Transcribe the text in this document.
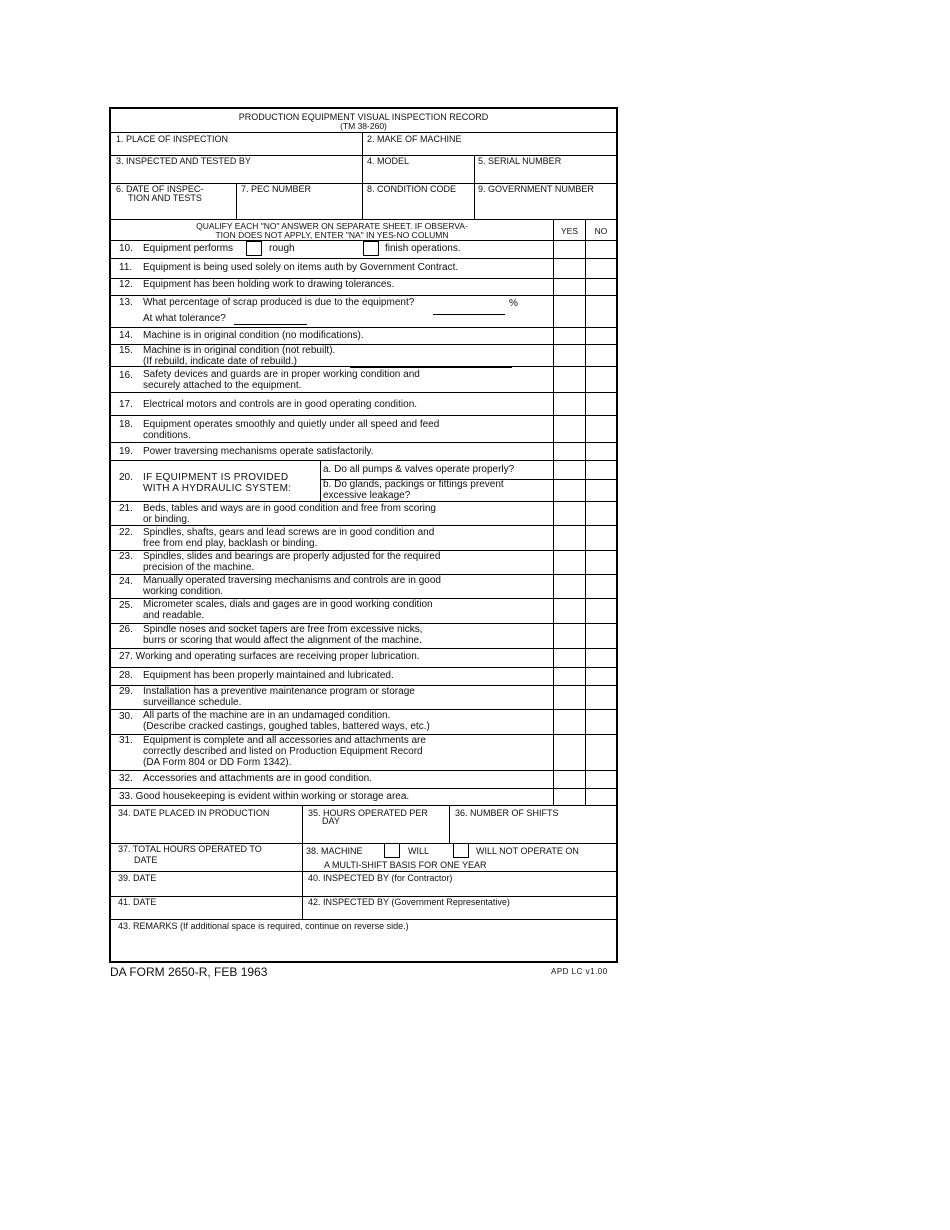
PRODUCTION EQUIPMENT VISUAL INSPECTION RECORD
(TM 38-260)
1. PLACE OF INSPECTION	2. MAKE OF MACHINE
3. INSPECTED AND TESTED BY	4. MODEL	5. SERIAL NUMBER
6. DATE OF INSPEC-
TION AND TESTS
7. PEC NUMBER	8. CONDITION CODE 9. GOVERNMENT NUMBER
QUALIFY EACH "NO" ANSWER ON SEPARATE SHEET. IF OBSERVA-
TION DOES NOT APPLY, ENTER "NA" IN YES-NO COLUMN	YES	NO
10. Equipment performs	rough	finish operations.
11. Equipment is being used solely on items auth by Government Contract.
12. Equipment has been holding work to drawing tolerances.
13. What percentage of scrap produced is due to the equipment?	%
At what tolerance?
14. Machine is in original condition (no modifications).
15. Machine is in original condition (not rebuilt).
(If rebuild, indicate date of rebuild.)
16. Safety devices and guards are in proper working condition and
securely attached to the equipment.
17. Electrical motors and controls are in good operating condition.
18. Equipment operates smoothly and quietly under all speed and feed
conditions.
19. Power traversing mechanisms operate satisfactorily.
20. IF EQUIPMENT IS PROVIDED
WITH A HYDRAULIC SYSTEM:
a. Do all pumps & valves operate properly?
b. Do glands, packings or fittings prevent
excessive leakage?
21. Beds, tables and ways are in good condition and free from scoring
or binding.
22. Spindles, shafts, gears and lead screws are in good condition and
free from end play, backlash or binding.
23. Spindles, slides and bearings are properly adjusted for the required
precision of the machine.
24. Manually operated traversing mechanisms and controls are in good
working condition.
25. Micrometer scales, dials and gages are in good working condition
and readable.
26. Spindle noses and socket tapers are free from excessive nicks,
burrs or scoring that would affect the alignment of the machine.
27. Working and operating surfaces are receiving proper lubrication.
28. Equipment has been properly maintained and lubricated.
29. Installation has a preventive maintenance program or storage
surveillance schedule.
30. All parts of the machine are in an undamaged condition.
(Describe cracked castings, goughed tables, battered ways, etc.)
31. Equipment is complete and all accessories and attachments are
correctly described and listed on Production Equipment Record
(DA Form 804 or DD Form 1342).
32. Accessories and attachments are in good condition.
33. Good housekeeping is evident within working or storage area.
34. DATE PLACED IN PRODUCTION	35. HOURS OPERATED PER
DAY
36. NUMBER OF SHIFTS
37. TOTAL HOURS OPERATED TO
DATE
38. MACHINE	WILL	WILL NOT OPERATE ON
A MULTI-SHIFT BASIS FOR ONE YEAR
39. DATE	40. INSPECTED BY (for Contractor)
41. DATE	42. INSPECTED BY (Government Representative)
43. REMARKS (If additional space is required, continue on reverse side.)
DA FORM 2650-R, FEB 1963	APD LC v1.00
